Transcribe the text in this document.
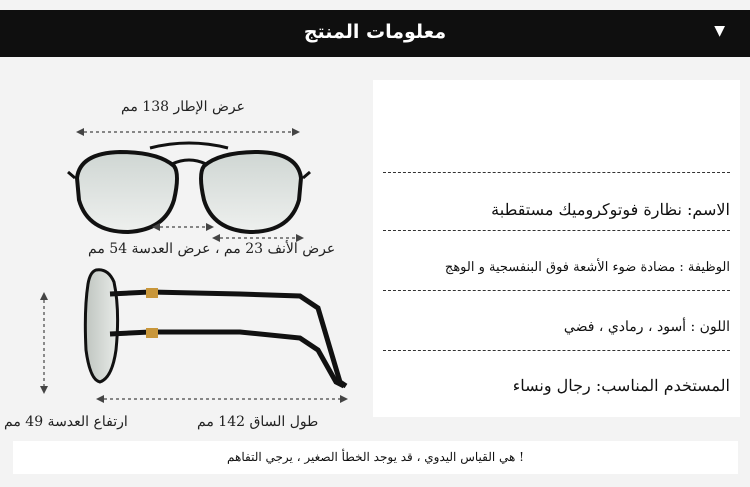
معلومات المنتج	▼
عرض الإطار 138 مم
عرض الأنف 23 مم ، عرض العدسة 54 مم
ارتفاع العدسة 49 مم	طول الساق 142 مم
الاسم: نظارة فوتوكروميك مستقطبة
الوظيفة : مضادة ضوء الأشعة فوق البنفسجية و الوهج
اللون : أسود ، رمادي ، فضي
المستخدم المناسب: رجال ونساء
! هي القياس اليدوي ، قد يوجد الخطأ الصغير ، يرجي التفاهم
